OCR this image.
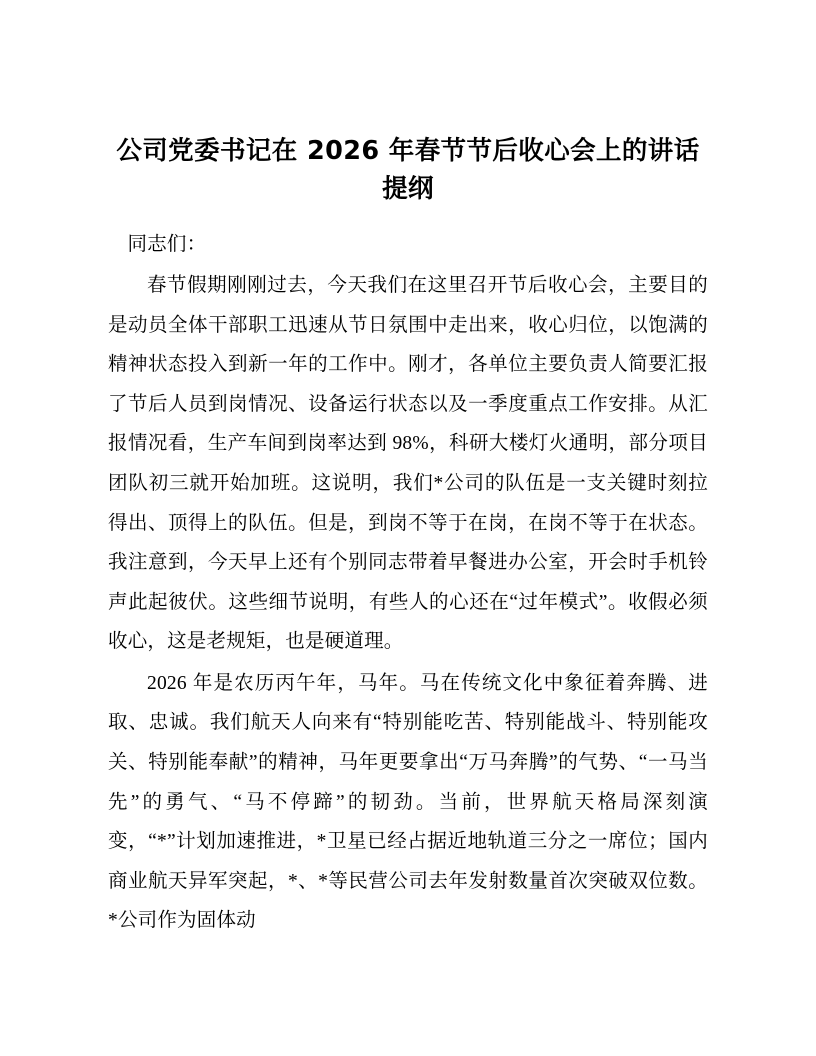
公司党委书记在 2026 年春节节后收心会上的讲话提纲

同志们：

春节假期刚刚过去，今天我们在这里召开节后收心会，主要目的是动员全体干部职工迅速从节日氛围中走出来，收心归位，以饱满的精神状态投入到新一年的工作中。刚才，各单位主要负责人简要汇报了节后人员到岗情况、设备运行状态以及一季度重点工作安排。从汇报情况看，生产车间到岗率达到 98%，科研大楼灯火通明，部分项目团队初三就开始加班。这说明，我们*公司的队伍是一支关键时刻拉得出、顶得上的队伍。但是，到岗不等于在岗，在岗不等于在状态。我注意到，今天早上还有个别同志带着早餐进办公室，开会时手机铃声此起彼伏。这些细节说明，有些人的心还在“过年模式”。收假必须收心，这是老规矩，也是硬道理。

2026 年是农历丙午年，马年。马在传统文化中象征着奔腾、进取、忠诚。我们航天人向来有“特别能吃苦、特别能战斗、特别能攻关、特别能奉献”的精神，马年更要拿出“万马奔腾”的气势、“一马当先”的勇气、“马不停蹄”的韧劲。当前，世界航天格局深刻演变，“*”计划加速推进，*卫星已经占据近地轨道三分之一席位；国内商业航天异军突起，*、*等民营公司去年发射数量首次突破双位数。*公司作为固体动
